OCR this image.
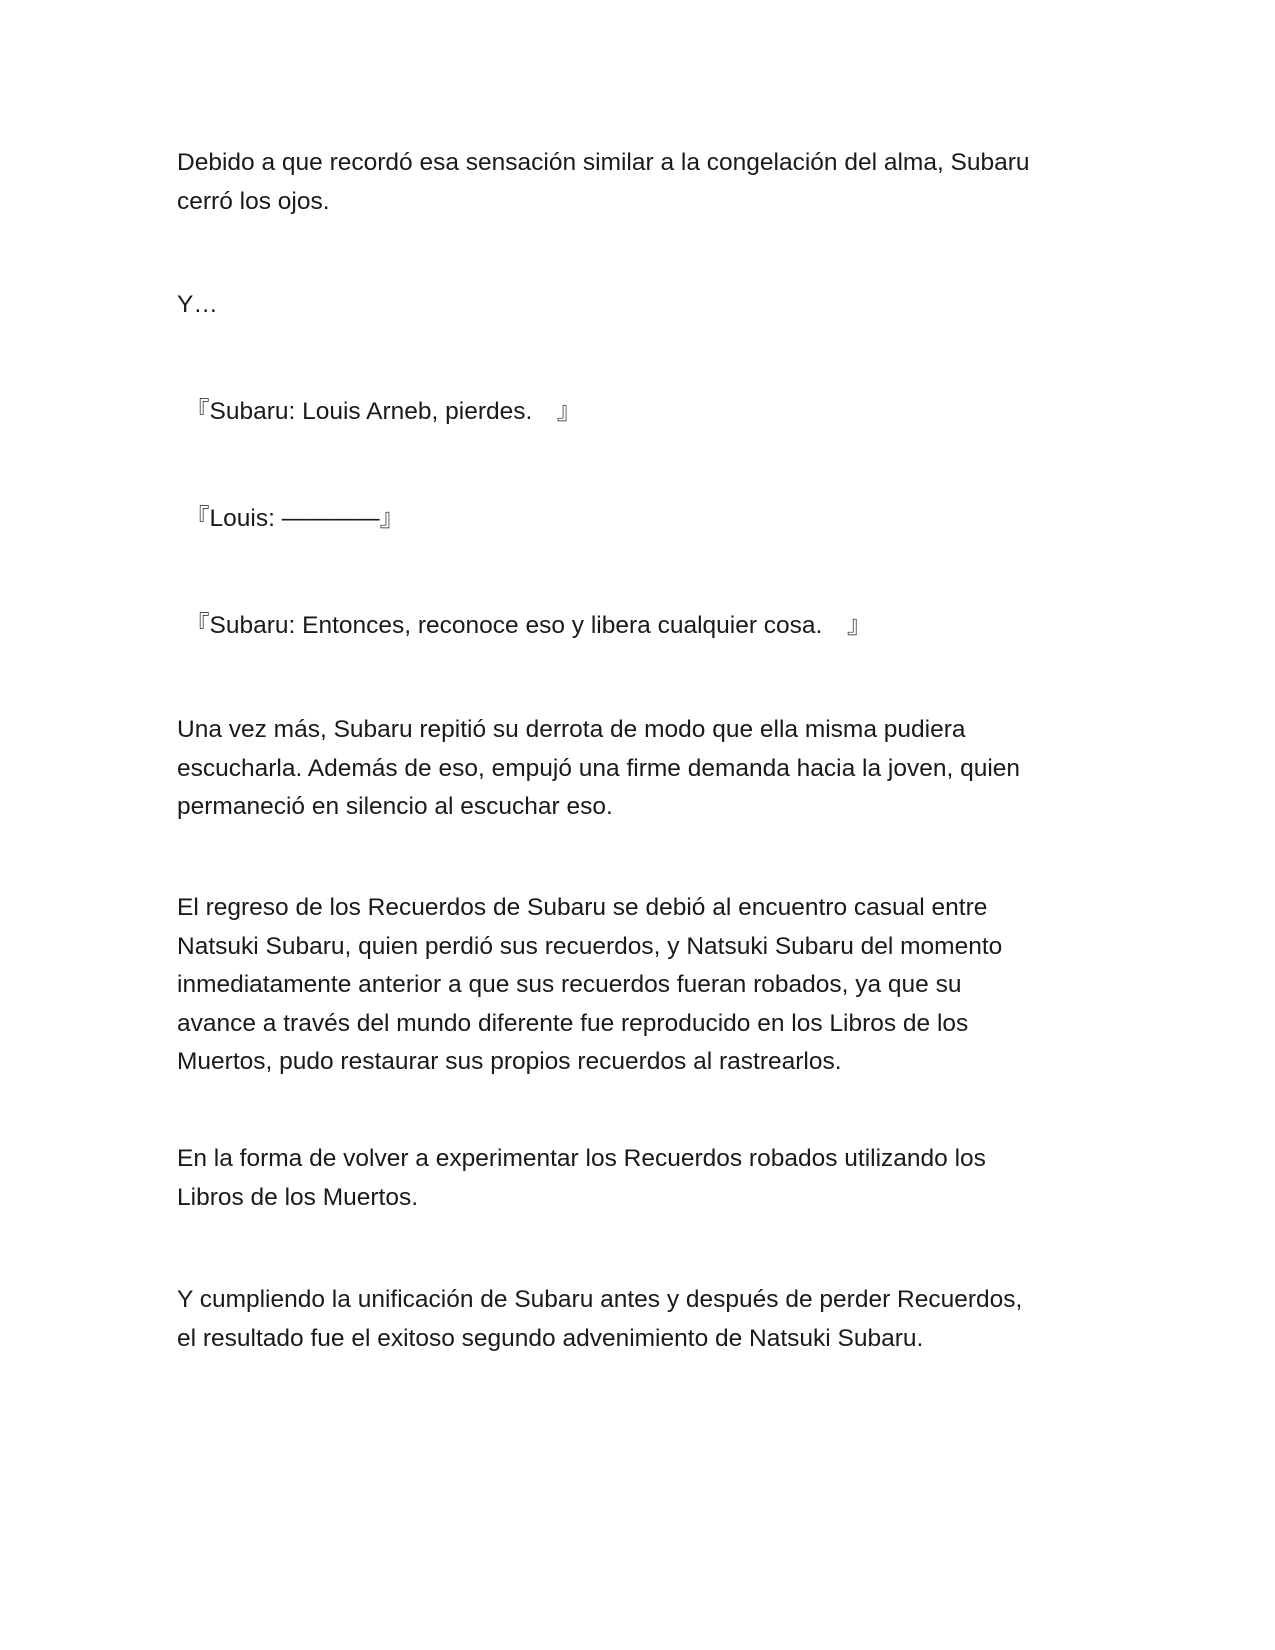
Debido a que recordó esa sensación similar a la congelación del alma, Subaru
cerró los ojos.

Y…

『Subaru: Louis Arneb, pierdes.　』

『Louis: ————』

『Subaru: Entonces, reconoce eso y libera cualquier cosa.　』

Una vez más, Subaru repitió su derrota de modo que ella misma pudiera
escucharla. Además de eso, empujó una firme demanda hacia la joven, quien
permaneció en silencio al escuchar eso.

El regreso de los Recuerdos de Subaru se debió al encuentro casual entre
Natsuki Subaru, quien perdió sus recuerdos, y Natsuki Subaru del momento
inmediatamente anterior a que sus recuerdos fueran robados, ya que su
avance a través del mundo diferente fue reproducido en los Libros de los
Muertos, pudo restaurar sus propios recuerdos al rastrearlos.

En la forma de volver a experimentar los Recuerdos robados utilizando los
Libros de los Muertos.

Y cumpliendo la unificación de Subaru antes y después de perder Recuerdos,
el resultado fue el exitoso segundo advenimiento de Natsuki Subaru.
